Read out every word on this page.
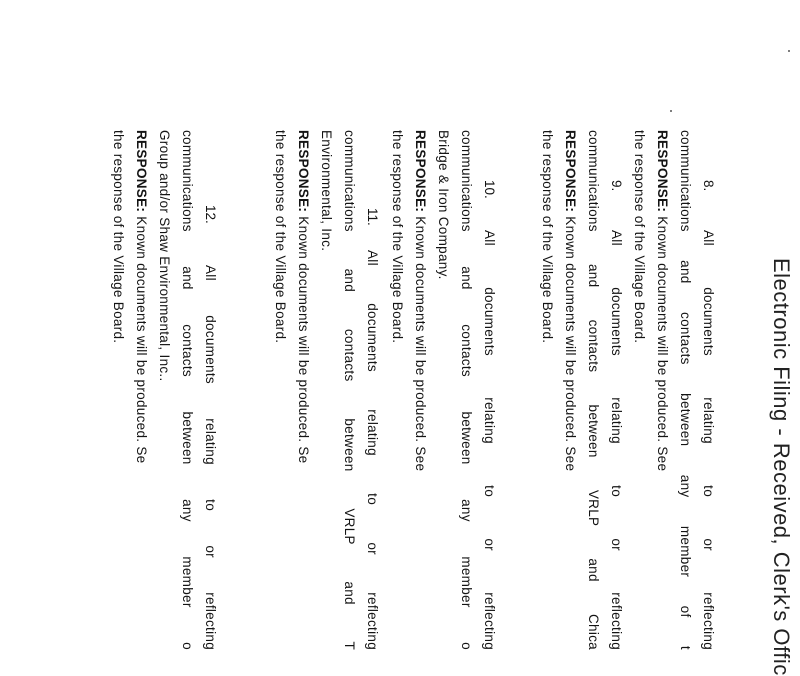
Electronic Filing - Received, Clerk's Offic
8.
All documents relating to or reflecting
communications and contacts between any member of t
RESPONSE: Known documents will be produced. See
the response of the Village Board.
9.
All documents relating to or reflecting
communications and contacts between VRLP and Chica
RESPONSE: Known documents will be produced. See
the response of the Village Board.
10.
All documents relating to or reflecting
communications and contacts between any member o
Bridge & Iron Company.
RESPONSE: Known documents will be produced. See
the response of the Village Board.
11.
All documents relating to or reflecting
communications and contacts between VRLP and T
Environmental, Inc.
RESPONSE: Known documents will be produced. Se
the response of the Village Board.
12.
All documents relating to or reflecting
communications and contacts between any member o
Group and/or Shaw Environmental, Inc..
RESPONSE: Known documents will be produced. Se
the response of the Village Board.
